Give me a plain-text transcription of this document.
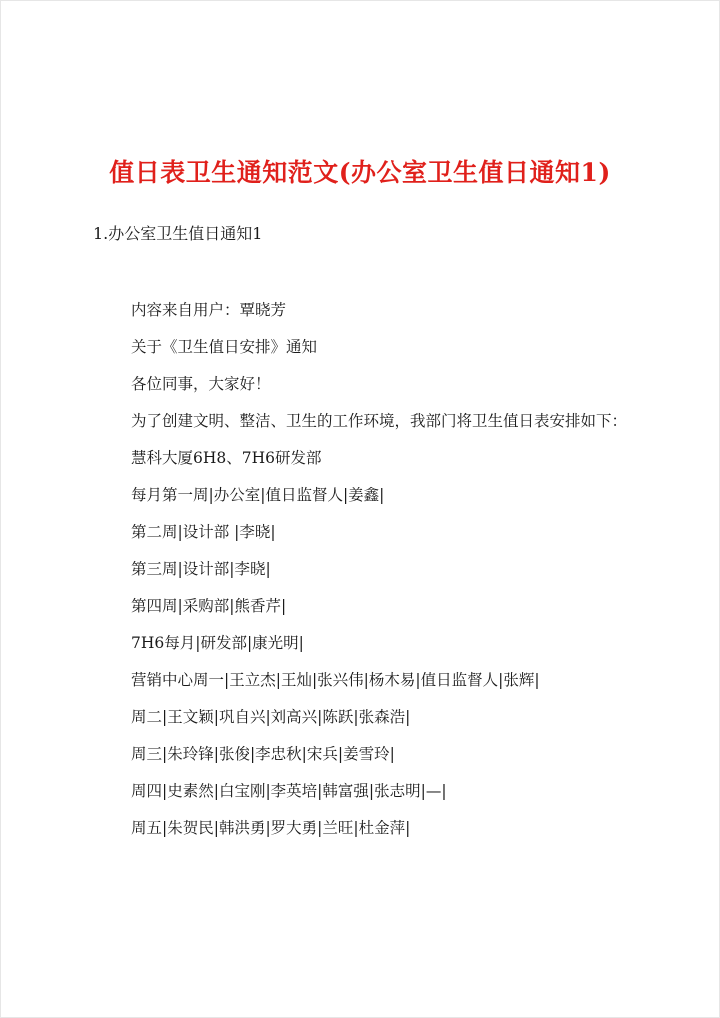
值日表卫生通知范文(办公室卫生值日通知1)

1.办公室卫生值日通知1

内容来自用户：覃晓芳

关于《卫生值日安排》通知

各位同事，大家好！

为了创建文明、整洁、卫生的工作环境，我部门将卫生值日表安排如下：

慧科大厦6H8、7H6研发部

每月第一周|办公室|值日监督人|姜鑫|

第二周|设计部 |李晓|

第三周|设计部|李晓|

第四周|采购部|熊香芹|

7H6每月|研发部|康光明|

营销中心周一|王立杰|王灿|张兴伟|杨木易|值日监督人|张辉|

周二|王文颖|巩自兴|刘高兴|陈跃|张森浩|

周三|朱玲锋|张俊|李忠秋|宋兵|姜雪玲|

周四|史素然|白宝刚|李英培|韩富强|张志明|—|

周五|朱贺民|韩洪勇|罗大勇|兰旺|杜金萍|
